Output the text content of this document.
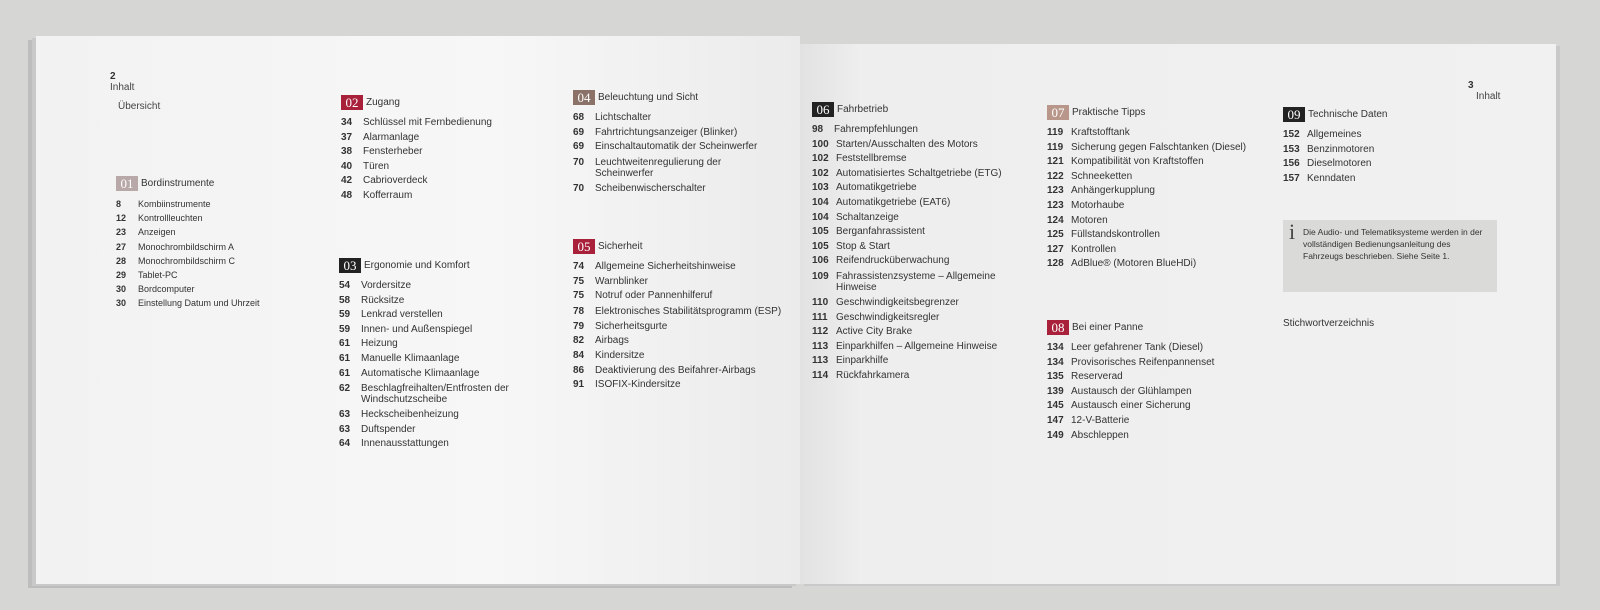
2
Inhalt
Übersicht
3
Inhalt
01 Bordinstrumente
8	Kombiinstrumente
12	Kontrollleuchten
23	Anzeigen
27	Monochrombildschirm A
28	Monochrombildschirm C
29	Tablet-PC
30	Bordcomputer
30	Einstellung Datum und Uhrzeit
02 Zugang
34	Schlüssel mit Fernbedienung
37	Alarmanlage
38	Fensterheber
40	Türen
42	Cabrioverdeck
48	Kofferraum
03 Ergonomie und Komfort
54	Vordersitze
58	Rücksitze
59	Lenkrad verstellen
59	Innen- und Außenspiegel
61	Heizung
61	Manuelle Klimaanlage
61	Automatische Klimaanlage
62	Beschlagfreihalten/Entfrosten der Windschutzscheibe
63	Heckscheibenheizung
63	Duftspender
64	Innenausstattungen
04 Beleuchtung und Sicht
68	Lichtschalter
69	Fahrtrichtungsanzeiger (Blinker)
69	Einschaltautomatik der Scheinwerfer
70	Leuchtweitenregulierung der Scheinwerfer
70	Scheibenwischerschalter
05 Sicherheit
74	Allgemeine Sicherheitshinweise
75	Warnblinker
75	Notruf oder Pannenhilferuf
78	Elektronisches Stabilitätsprogramm (ESP)
79	Sicherheitsgurte
82	Airbags
84	Kindersitze
86	Deaktivierung des Beifahrer-Airbags
91	ISOFIX-Kindersitze
06 Fahrbetrieb
98	Fahrempfehlungen
100 Starten/Ausschalten des Motors
102 Feststellbremse
102 Automatisiertes Schaltgetriebe (ETG)
103 Automatikgetriebe
104 Automatikgetriebe (EAT6)
104 Schaltanzeige
105 Berganfahrassistent
105 Stop & Start
106 Reifendrucküberwachung
109 Fahrassistenzsysteme – Allgemeine Hinweise
110 Geschwindigkeitsbegrenzer
111 Geschwindigkeitsregler
112 Active City Brake
113 Einparkhilfen – Allgemeine Hinweise
113 Einparkhilfe
114 Rückfahrkamera
07 Praktische Tipps
119 Kraftstofftank
119 Sicherung gegen Falschtanken (Diesel)
121 Kompatibilität von Kraftstoffen
122 Schneeketten
123 Anhängerkupplung
123 Motorhaube
124 Motoren
125 Füllstandskontrollen
127 Kontrollen
128 AdBlue® (Motoren BlueHDi)
08 Bei einer Panne
134 Leer gefahrener Tank (Diesel)
134 Provisorisches Reifenpannenset
135 Reserverad
139 Austausch der Glühlampen
145 Austausch einer Sicherung
147 12-V-Batterie
149 Abschleppen
09 Technische Daten
152 Allgemeines
153 Benzinmotoren
156 Dieselmotoren
157 Kenndaten
i Die Audio- und Telematiksysteme werden in der vollständigen Bedienungsanleitung des Fahrzeugs beschrieben. Siehe Seite 1.
Stichwortverzeichnis
